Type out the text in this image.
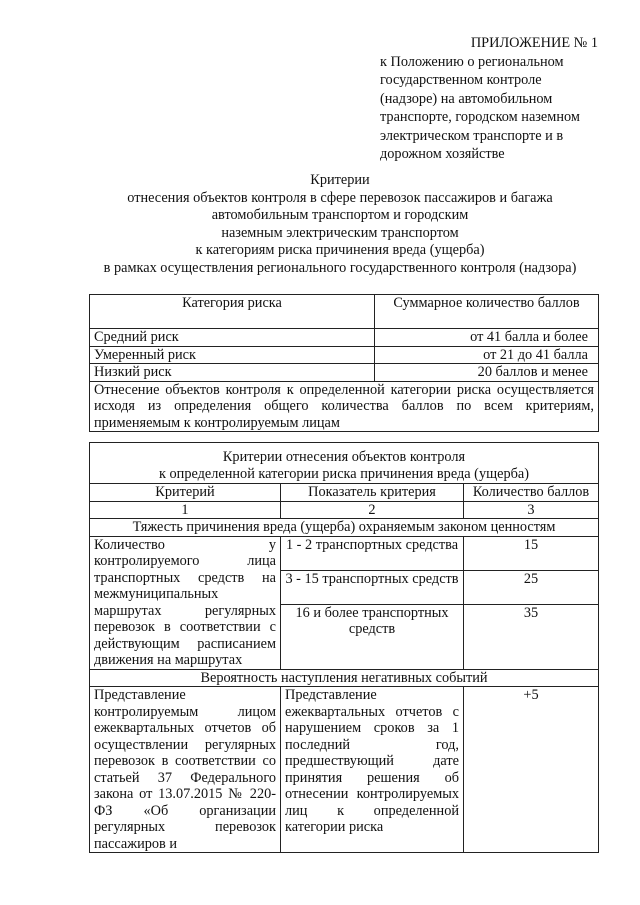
ПРИЛОЖЕНИЕ № 1
к Положению о региональном
государственном контроле
(надзоре) на автомобильном
транспорте, городском наземном
электрическом транспорте и в
дорожном хозяйстве
Критерии
отнесения объектов контроля в сфере перевозок пассажиров и багажа
автомобильным транспортом и городским
наземным электрическим транспортом
к категориям риска причинения вреда (ущерба)
в рамках осуществления регионального государственного контроля (надзора)
Категория риска	Суммарное количество баллов
Средний риск	от 41 балла и более
Умеренный риск	от 21 до 41 балла
Низкий риск	20 баллов и менее
Отнесение объектов контроля к определенной категории риска осуществляется исходя из определения общего количества баллов по всем критериям, применяемым к контролируемым лицам	
Критерии отнесения объектов контроля
к определенной категории риска причинения вреда (ущерба)		

Критерий	Показатель критерия	Количество баллов
1	2	3
Тяжесть причинения вреда (ущерба) охраняемым законом ценностям		

Количество у
контролируемого лица
транспортных средств на
межмуниципальных
маршрутах регулярных перевозок в соответствии с действующим расписанием движения на маршрутах	1 - 2 транспортных средства	15
	3 - 15 транспортных средств	25
	16 и более транспортных средств	35
Вероятность наступления негативных событий		
Представление контролируемым лицом ежеквартальных отчетов об осуществлении регулярных перевозок в соответствии со статьей 37 Федерального закона от 13.07.2015 № 220-ФЗ «Об организации регулярных перевозок пассажиров и	Представление ежеквартальных отчетов с нарушением сроков за 1 последний год, предшествующий дате принятия решения об отнесении контролируемых лиц к определенной категории риска	+5
